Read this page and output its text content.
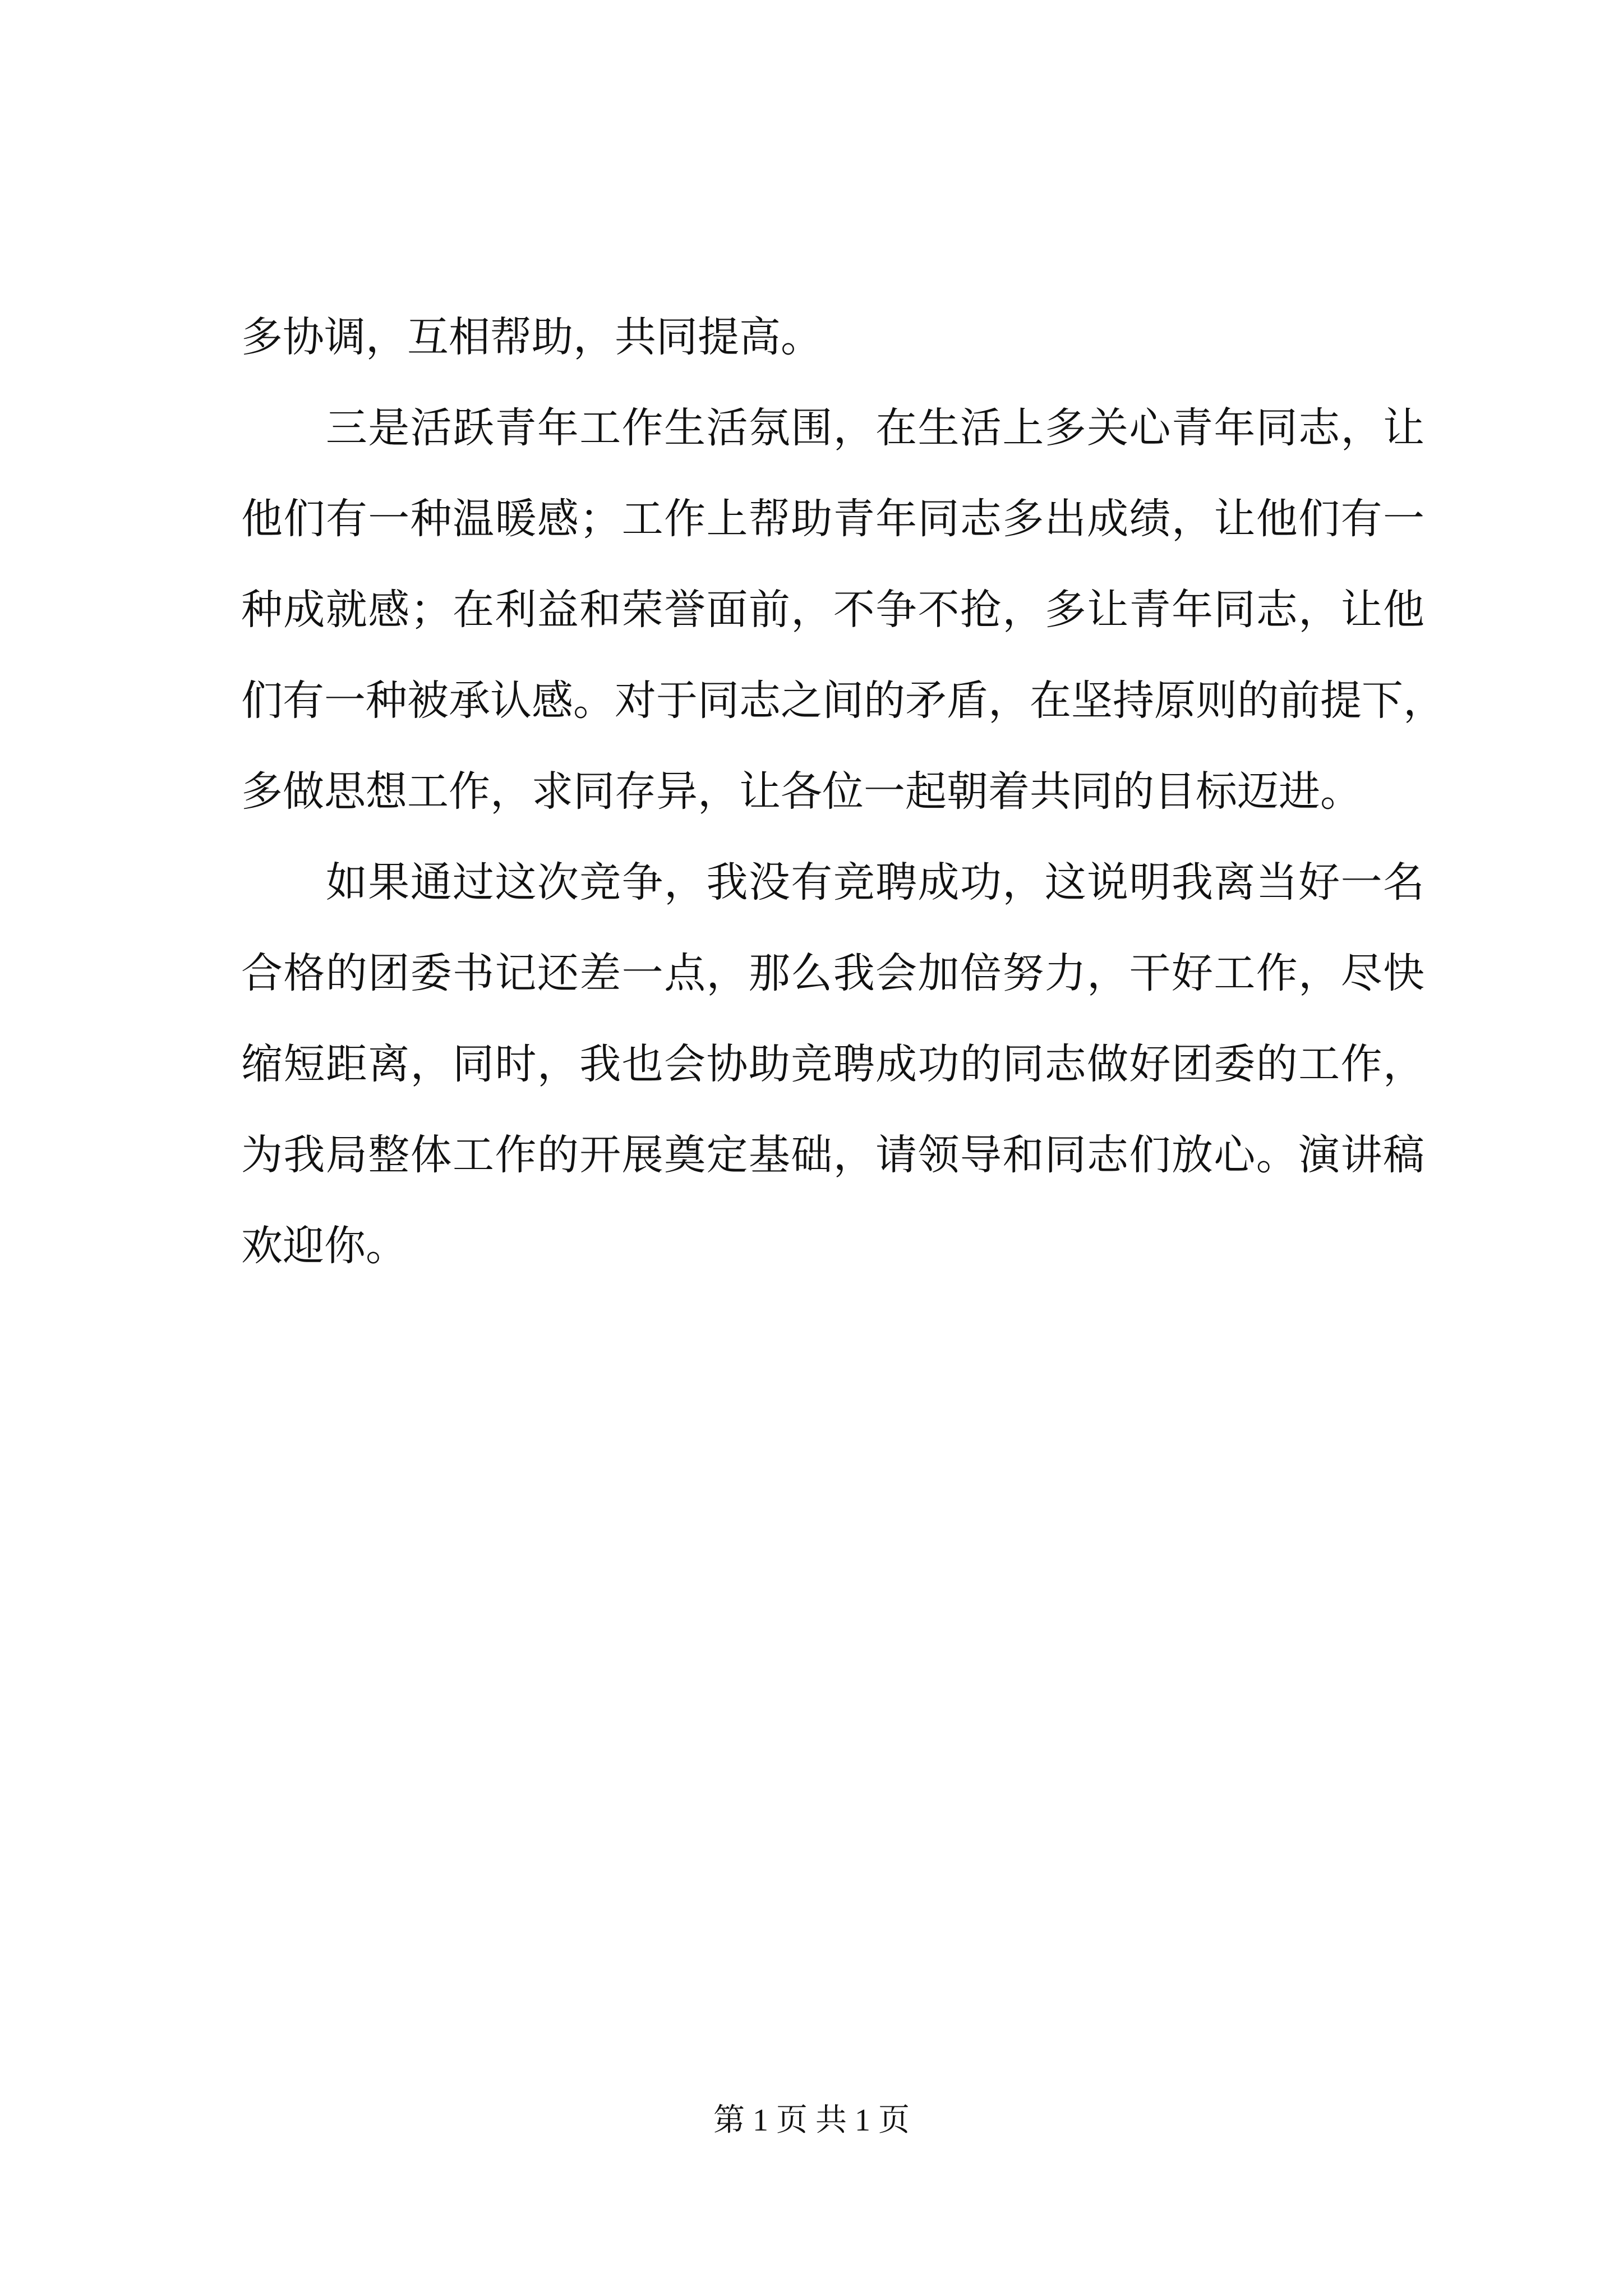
多协调，互相帮助，共同提高。
　　三是活跃青年工作生活氛围，在生活上多关心青年同志，让
他们有一种温暖感；工作上帮助青年同志多出成绩，让他们有一
种成就感；在利益和荣誉面前，不争不抢，多让青年同志，让他
们有一种被承认感。对于同志之间的矛盾，在坚持原则的前提下，
多做思想工作，求同存异，让各位一起朝着共同的目标迈进。
　　如果通过这次竞争，我没有竞聘成功，这说明我离当好一名
合格的团委书记还差一点，那么我会加倍努力，干好工作，尽快
缩短距离，同时，我也会协助竞聘成功的同志做好团委的工作，
为我局整体工作的开展奠定基础，请领导和同志们放心。演讲稿
欢迎你。
第 1 页 共 1 页
